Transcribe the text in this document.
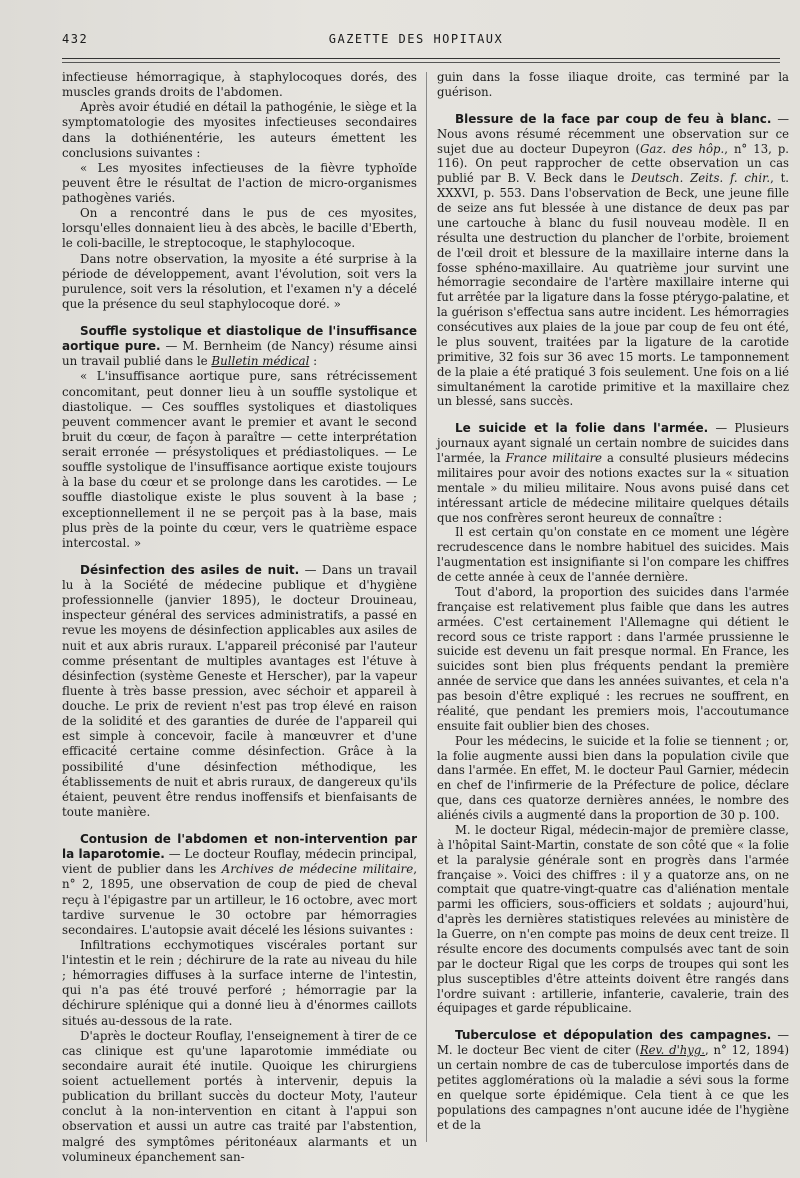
432	GAZETTE DES HOPITAUX

infectieuse hémorragique, à staphylocoques dorés, des muscles grands droits de l'abdomen.

Après avoir étudié en détail la pathogénie, le siège et la symptomatologie des myosites infectieuses secondaires dans la dothiénentérie, les auteurs émettent les conclusions suivantes :

« Les myosites infectieuses de la fièvre typhoïde peuvent être le résultat de l'action de micro-organismes pathogènes variés.

On a rencontré dans le pus de ces myosites, lorsqu'elles donnaient lieu à des abcès, le bacille d'Eberth, le coli-bacille, le streptocoque, le staphylocoque.

Dans notre observation, la myosite a été surprise à la période de développement, avant l'évolution, soit vers la purulence, soit vers la résolution, et l'examen n'y a décelé que la présence du seul staphylocoque doré. »

Souffle systolique et diastolique de l'insuffisance aortique pure. — M. Bernheim (de Nancy) résume ainsi un travail publié dans le Bulletin médical :

« L'insuffisance aortique pure, sans rétrécissement concomitant, peut donner lieu à un souffle systolique et diastolique. — Ces souffles systoliques et diastoliques peuvent commencer avant le premier et avant le second bruit du cœur, de façon à paraître — cette interprétation serait erronée — présystoliques et prédiastoliques. — Le souffle systolique de l'insuffisance aortique existe toujours à la base du cœur et se prolonge dans les carotides. — Le souffle diastolique existe le plus souvent à la base ; exceptionnellement il ne se perçoit pas à la base, mais plus près de la pointe du cœur, vers le quatrième espace intercostal. »

Désinfection des asiles de nuit. — Dans un travail lu à la Société de médecine publique et d'hygiène professionnelle (janvier 1895), le docteur Drouineau, inspecteur général des services administratifs, a passé en revue les moyens de désinfection applicables aux asiles de nuit et aux abris ruraux. L'appareil préconisé par l'auteur comme présentant de multiples avantages est l'étuve à désinfection (système Geneste et Herscher), par la vapeur fluente à très basse pression, avec séchoir et appareil à douche. Le prix de revient n'est pas trop élevé en raison de la solidité et des garanties de durée de l'appareil qui est simple à concevoir, facile à manœuvrer et d'une efficacité certaine comme désinfection. Grâce à la possibilité d'une désinfection méthodique, les établissements de nuit et abris ruraux, de dangereux qu'ils étaient, peuvent être rendus inoffensifs et bienfaisants de toute manière.

Contusion de l'abdomen et non-intervention par la laparotomie. — Le docteur Rouflay, médecin principal, vient de publier dans les Archives de médecine militaire, n° 2, 1895, une observation de coup de pied de cheval reçu à l'épigastre par un artilleur, le 16 octobre, avec mort tardive survenue le 30 octobre par hémorragies secondaires. L'autopsie avait décelé les lésions suivantes :

Infiltrations ecchymotiques viscérales portant sur l'intestin et le rein ; déchirure de la rate au niveau du hile ; hémorragies diffuses à la surface interne de l'intestin, qui n'a pas été trouvé perforé ; hémorragie par la déchirure splénique qui a donné lieu à d'énormes caillots situés au-dessous de la rate.

D'après le docteur Rouflay, l'enseignement à tirer de ce cas clinique est qu'une laparotomie immédiate ou secondaire aurait été inutile. Quoique les chirurgiens soient actuellement portés à intervenir, depuis la publication du brillant succès du docteur Moty, l'auteur conclut à la non-intervention en citant à l'appui son observation et aussi un autre cas traité par l'abstention, malgré des symptômes péritonéaux alarmants et un volumineux épanchement san-

guin dans la fosse iliaque droite, cas terminé par la guérison.

Blessure de la face par coup de feu à blanc. — Nous avons résumé récemment une observation sur ce sujet due au docteur Dupeyron (Gaz. des hôp., n° 13, p. 116). On peut rapprocher de cette observation un cas publié par B. V. Beck dans le Deutsch. Zeits. f. chir., t. XXXVI, p. 553. Dans l'observation de Beck, une jeune fille de seize ans fut blessée à une distance de deux pas par une cartouche à blanc du fusil nouveau modèle. Il en résulta une destruction du plancher de l'orbite, broiement de l'œil droit et blessure de la maxillaire interne dans la fosse sphéno-maxillaire. Au quatrième jour survint une hémorragie secondaire de l'artère maxillaire interne qui fut arrêtée par la ligature dans la fosse ptérygo-palatine, et la guérison s'effectua sans autre incident. Les hémorragies consécutives aux plaies de la joue par coup de feu ont été, le plus souvent, traitées par la ligature de la carotide primitive, 32 fois sur 36 avec 15 morts. Le tamponnement de la plaie a été pratiqué 3 fois seulement. Une fois on a lié simultanément la carotide primitive et la maxillaire chez un blessé, sans succès.

Le suicide et la folie dans l'armée. — Plusieurs journaux ayant signalé un certain nombre de suicides dans l'armée, la France militaire a consulté plusieurs médecins militaires pour avoir des notions exactes sur la « situation mentale » du milieu militaire. Nous avons puisé dans cet intéressant article de médecine militaire quelques détails que nos confrères seront heureux de connaître :

Il est certain qu'on constate en ce moment une légère recrudescence dans le nombre habituel des suicides. Mais l'augmentation est insignifiante si l'on compare les chiffres de cette année à ceux de l'année dernière.

Tout d'abord, la proportion des suicides dans l'armée française est relativement plus faible que dans les autres armées. C'est certainement l'Allemagne qui détient le record sous ce triste rapport : dans l'armée prussienne le suicide est devenu un fait presque normal. En France, les suicides sont bien plus fréquents pendant la première année de service que dans les années suivantes, et cela n'a pas besoin d'être expliqué : les recrues ne souffrent, en réalité, que pendant les premiers mois, l'accoutumance ensuite fait oublier bien des choses.

Pour les médecins, le suicide et la folie se tiennent ; or, la folie augmente aussi bien dans la population civile que dans l'armée. En effet, M. le docteur Paul Garnier, médecin en chef de l'infirmerie de la Préfecture de police, déclare que, dans ces quatorze dernières années, le nombre des aliénés civils a augmenté dans la proportion de 30 p. 100.

M. le docteur Rigal, médecin-major de première classe, à l'hôpital Saint-Martin, constate de son côté que « la folie et la paralysie générale sont en progrès dans l'armée française ». Voici des chiffres : il y a quatorze ans, on ne comptait que quatre-vingt-quatre cas d'aliénation mentale parmi les officiers, sous-officiers et soldats ; aujourd'hui, d'après les dernières statistiques relevées au ministère de la Guerre, on n'en compte pas moins de deux cent treize. Il résulte encore des documents compulsés avec tant de soin par le docteur Rigal que les corps de troupes qui sont les plus susceptibles d'être atteints doivent être rangés dans l'ordre suivant : artillerie, infanterie, cavalerie, train des équipages et garde républicaine.

Tuberculose et dépopulation des campagnes. — M. le docteur Bec vient de citer (Rev. d'hyg., n° 12, 1894) un certain nombre de cas de tuberculose importés dans de petites agglomérations où la maladie a sévi sous la forme en quelque sorte épidémique. Cela tient à ce que les populations des campagnes n'ont aucune idée de l'hygiène et de la
